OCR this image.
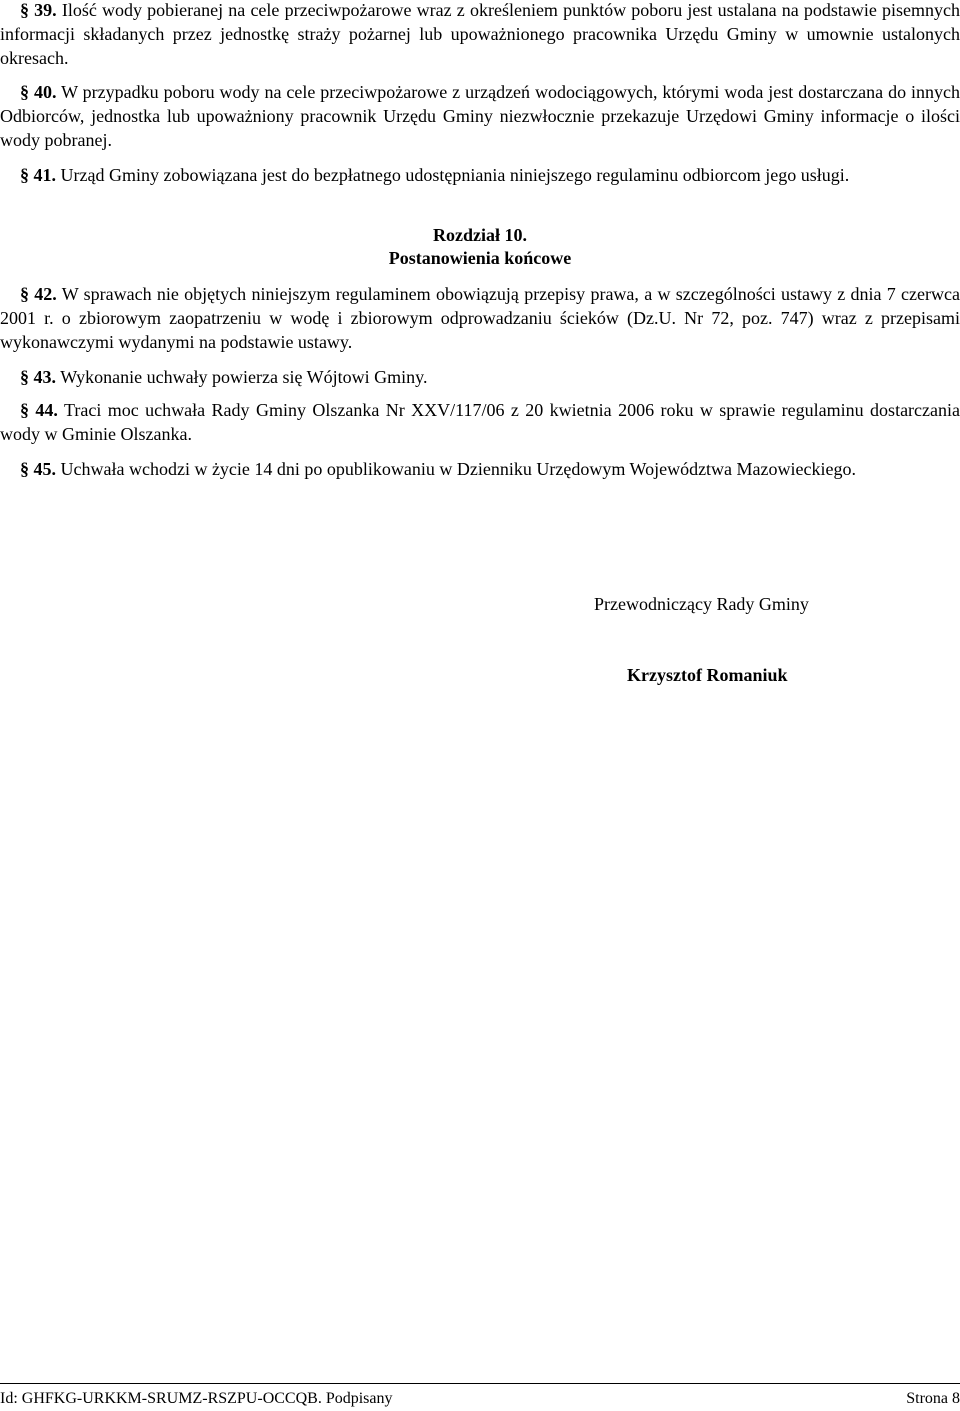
§ 39. Ilość wody pobieranej na cele przeciwpożarowe wraz z określeniem punktów poboru jest ustalana na podstawie pisemnych informacji składanych przez jednostkę straży pożarnej lub upoważnionego pracownika Urzędu Gminy w umownie ustalonych okresach.

§ 40. W przypadku poboru wody na cele przeciwpożarowe z urządzeń wodociągowych, którymi woda jest dostarczana do innych Odbiorców, jednostka lub upoważniony pracownik Urzędu Gminy niezwłocznie przekazuje Urzędowi Gminy informacje o ilości wody pobranej.

§ 41. Urząd Gminy zobowiązana jest do bezpłatnego udostępniania niniejszego regulaminu odbiorcom jego usługi.

Rozdział 10.

Postanowienia końcowe

§ 42. W sprawach nie objętych niniejszym regulaminem obowiązują przepisy prawa, a w szczególności ustawy z dnia 7 czerwca 2001 r. o zbiorowym zaopatrzeniu w wodę i zbiorowym odprowadzaniu ścieków (Dz.U. Nr 72, poz. 747) wraz z przepisami wykonawczymi wydanymi na podstawie ustawy.

§ 43. Wykonanie uchwały powierza się Wójtowi Gminy.

§ 44. Traci moc uchwała Rady Gminy Olszanka Nr XXV/117/06 z 20 kwietnia 2006 roku w sprawie regulaminu dostarczania wody w Gminie Olszanka.

§ 45. Uchwała wchodzi w życie 14 dni po opublikowaniu w Dzienniku Urzędowym Województwa Mazowieckiego.

Przewodniczący Rady Gminy
Krzysztof Romaniuk
Id: GHFKG-URKKM-SRUMZ-RSZPU-OCCQB. Podpisany	Strona 8
